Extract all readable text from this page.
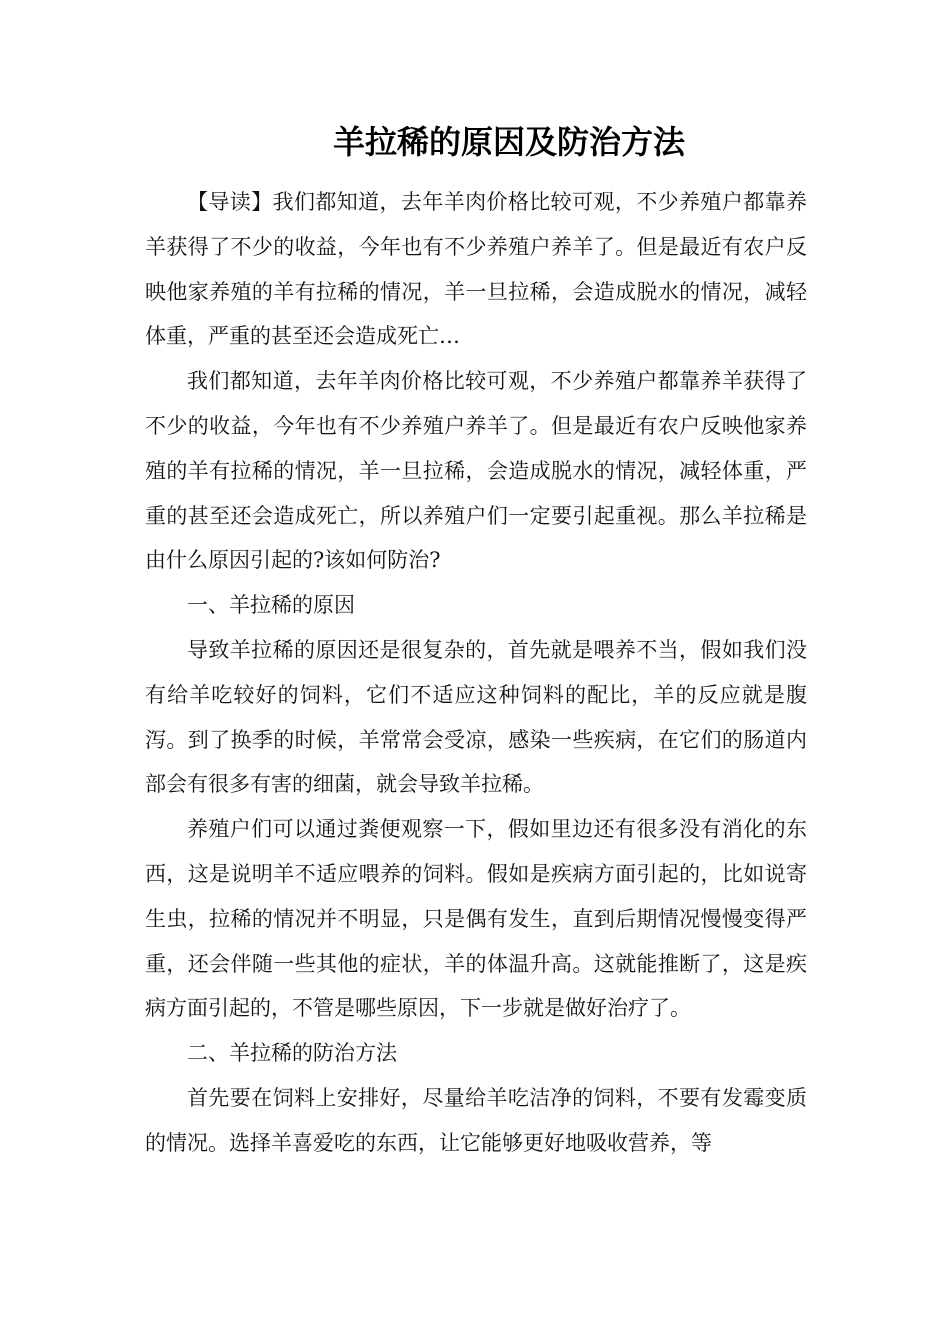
羊拉稀的原因及防治方法

【导读】我们都知道，去年羊肉价格比较可观，不少养殖户都靠养羊获得了不少的收益，今年也有不少养殖户养羊了。但是最近有农户反映他家养殖的羊有拉稀的情况，羊一旦拉稀，会造成脱水的情况，减轻体重，严重的甚至还会造成死亡…

我们都知道，去年羊肉价格比较可观，不少养殖户都靠养羊获得了不少的收益，今年也有不少养殖户养羊了。但是最近有农户反映他家养殖的羊有拉稀的情况，羊一旦拉稀，会造成脱水的情况，减轻体重，严重的甚至还会造成死亡，所以养殖户们一定要引起重视。那么羊拉稀是由什么原因引起的?该如何防治?

一、羊拉稀的原因

导致羊拉稀的原因还是很复杂的，首先就是喂养不当，假如我们没有给羊吃较好的饲料，它们不适应这种饲料的配比，羊的反应就是腹泻。到了换季的时候，羊常常会受凉，感染一些疾病，在它们的肠道内部会有很多有害的细菌，就会导致羊拉稀。

养殖户们可以通过粪便观察一下，假如里边还有很多没有消化的东西，这是说明羊不适应喂养的饲料。假如是疾病方面引起的，比如说寄生虫，拉稀的情况并不明显，只是偶有发生，直到后期情况慢慢变得严重，还会伴随一些其他的症状，羊的体温升高。这就能推断了，这是疾病方面引起的，不管是哪些原因，下一步就是做好治疗了。

二、羊拉稀的防治方法

首先要在饲料上安排好，尽量给羊吃洁净的饲料，不要有发霉变质的情况。选择羊喜爱吃的东西，让它能够更好地吸收营养，等
